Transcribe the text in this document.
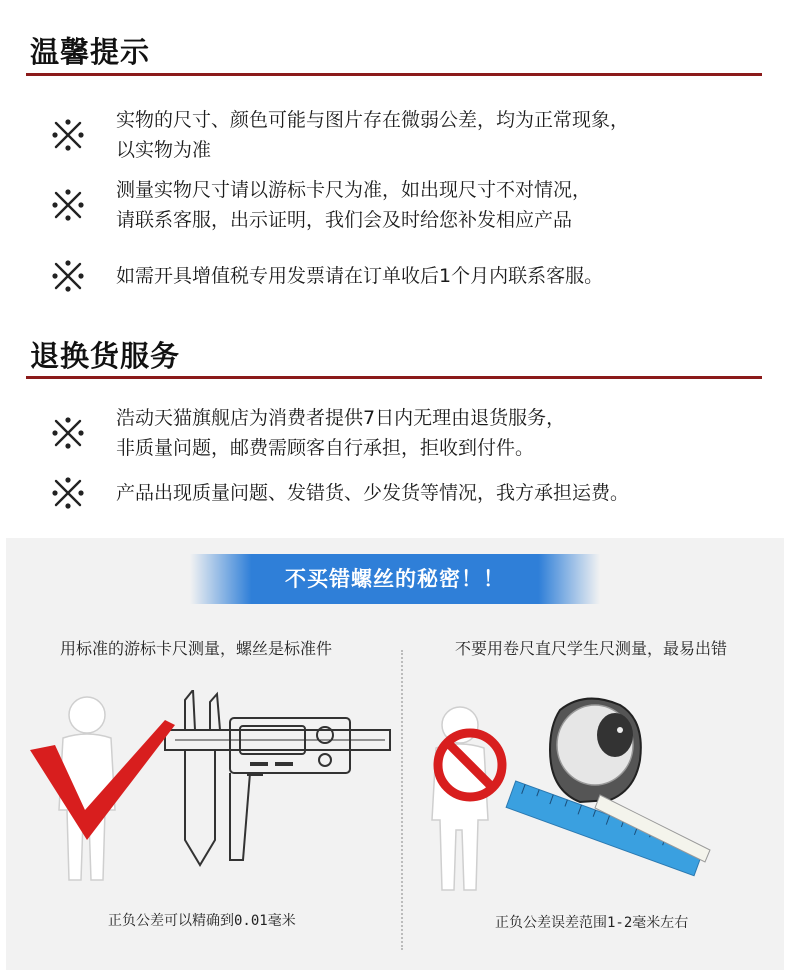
温馨提示
实物的尺寸、颜色可能与图片存在微弱公差，均为正常现象，
以实物为准
测量实物尺寸请以游标卡尺为准，如出现尺寸不对情况，
请联系客服，出示证明，我们会及时给您补发相应产品
如需开具增值税专用发票请在订单收后1个月内联系客服。
退换货服务
浩动天猫旗舰店为消费者提供7日内无理由退货服务，
非质量问题，邮费需顾客自行承担，拒收到付件。
产品出现质量问题、发错货、少发货等情况，我方承担运费。
不买错螺丝的秘密！！
用标准的游标卡尺测量，螺丝是标准件	不要用卷尺直尺学生尺测量，最易出错
正负公差可以精确到0.01毫米	正负公差误差范围1-2毫米左右
